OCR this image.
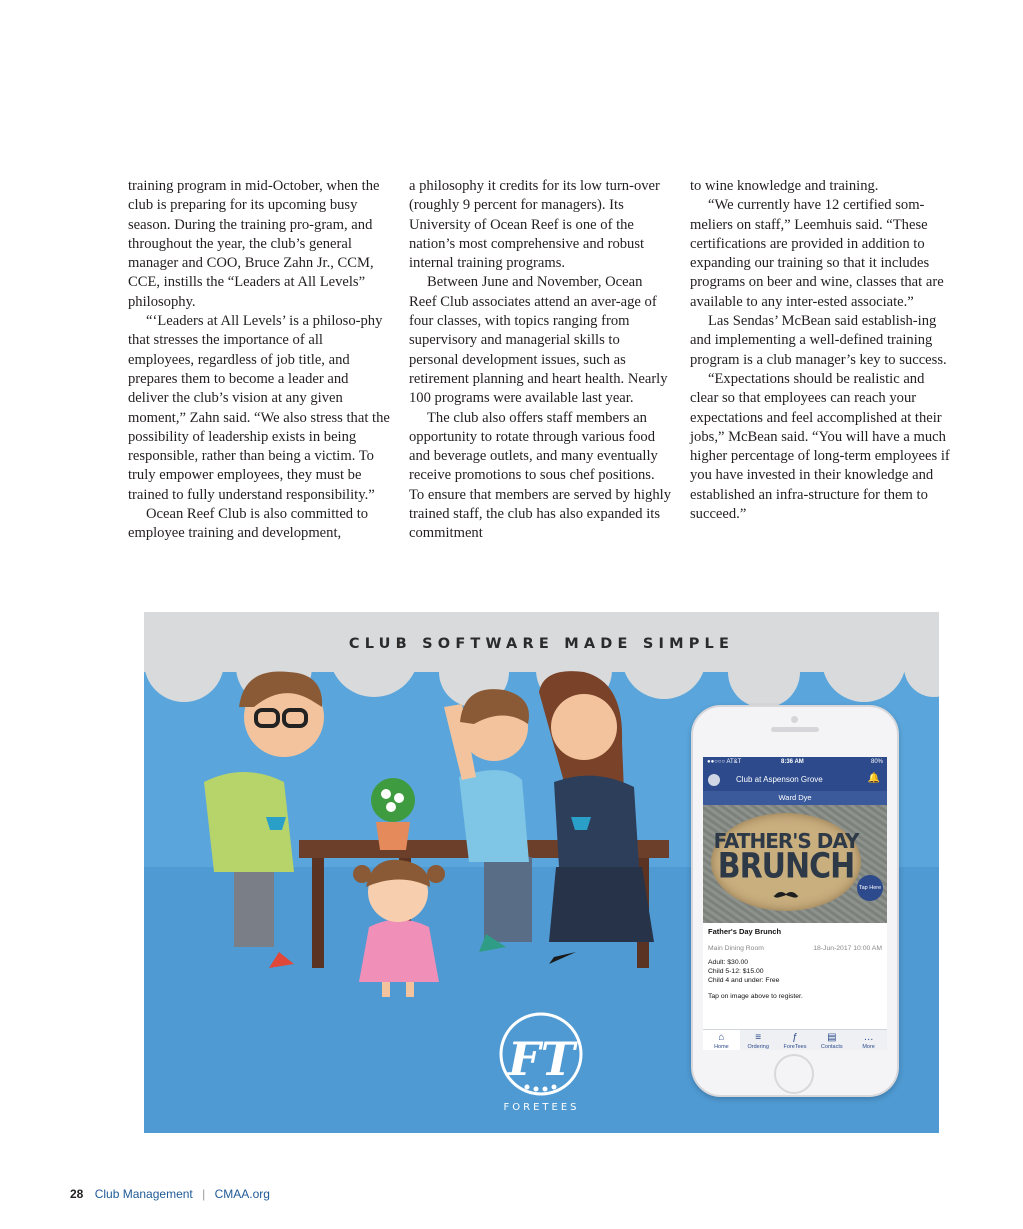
training program in mid-October, when the club is preparing for its upcoming busy season. During the training pro-gram, and throughout the year, the club’s general manager and COO, Bruce Zahn Jr., CCM, CCE, instills the “Leaders at All Levels” philosophy.

“‘Leaders at All Levels’ is a philoso-phy that stresses the importance of all employees, regardless of job title, and prepares them to become a leader and deliver the club’s vision at any given moment,” Zahn said. “We also stress that the possibility of leadership exists in being responsible, rather than being a victim. To truly empower employees, they must be trained to fully understand responsibility.”

Ocean Reef Club is also committed to employee training and development,

a philosophy it credits for its low turn-over (roughly 9 percent for managers). Its University of Ocean Reef is one of the nation’s most comprehensive and robust internal training programs.

Between June and November, Ocean Reef Club associates attend an aver-age of four classes, with topics ranging from supervisory and managerial skills to personal development issues, such as retirement planning and heart health. Nearly 100 programs were available last year.

The club also offers staff members an opportunity to rotate through various food and beverage outlets, and many eventually receive promotions to sous chef positions. To ensure that members are served by highly trained staff, the club has also expanded its commitment

to wine knowledge and training.

“We currently have 12 certified som-meliers on staff,” Leemhuis said. “These certifications are provided in addition to expanding our training so that it includes programs on beer and wine, classes that are available to any inter-ested associate.”

Las Sendas’ McBean said establish-ing and implementing a well-defined training program is a club manager’s key to success.

“Expectations should be realistic and clear so that employees can reach your expectations and feel accomplished at their jobs,” McBean said. “You will have a much higher percentage of long-term employees if you have invested in their knowledge and established an infra-structure for them to succeed.”

CLUB SOFTWARE MADE SIMPLE
FT
FORETEES
●●○○○ AT&T	8:36 AM	80%
Club at Aspenson Grove	🔔
Ward Dye
FATHER'S DAY
BRUNCH
Tap Here
Father's Day Brunch
Main Dining Room	18-Jun-2017 10:00 AM
Adult: $30.00
Child 5-12: $15.00
Child 4 and under: Free
Tap on image above to register.
⌂
Home
≡
Ordering
ƒ
ForeTees
▤
Contacts
…
More
28 Club Management | CMAA.org
